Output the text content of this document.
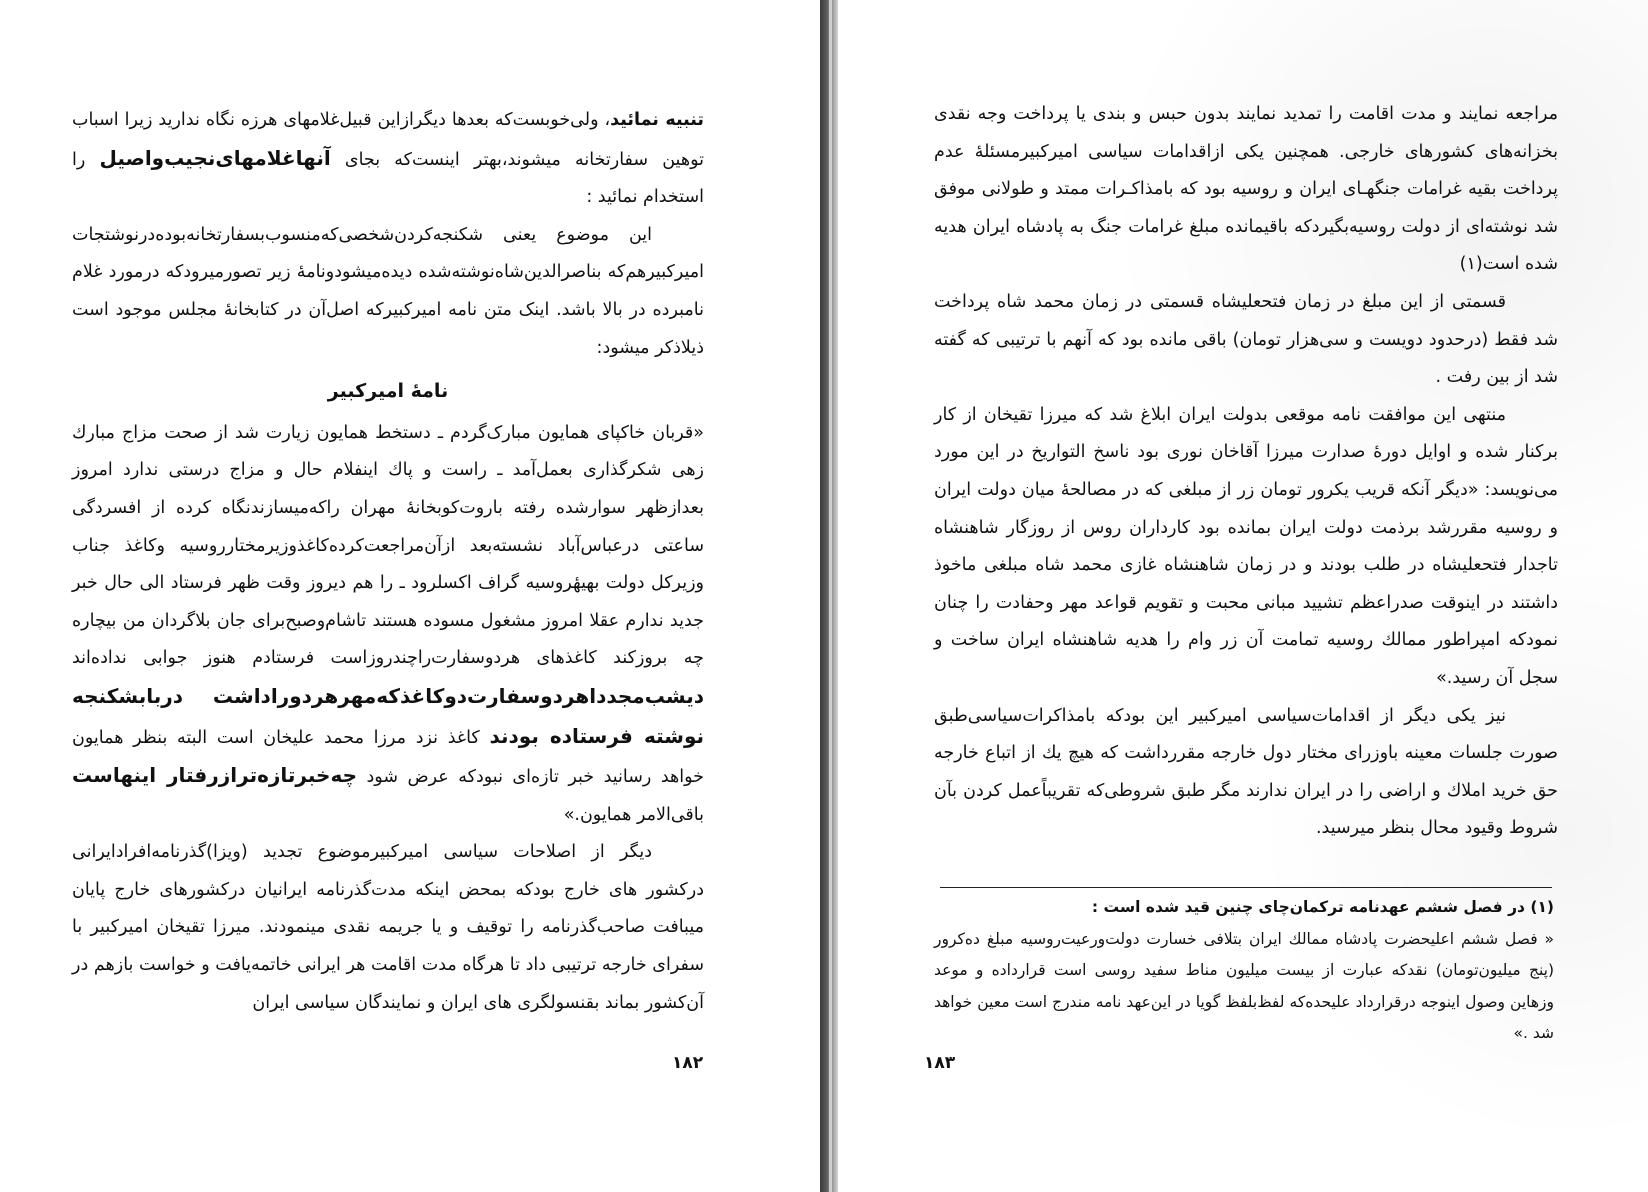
تنبیه نمائید، ولی‌خوبست‌که بعدها دیگرازاین قبیل‌غلامهای هرزه نگاه ندارید زیرا اسباب توهین سفارتخانه میشوند،بهتر اینست‌که بجای آنهاغلامهای‌نجیب‌واصیل را استخدام نمائید :

این موضوع یعنی شکنجه‌کردن‌شخصی‌که‌منسوب‌بسفارتخانه‌بوده‌درنوشتجات امیرکبیرهم‌که بناصرالدین‌شاه‌نوشته‌شده دیده‌میشودونامهٔ زیر تصورمیرودکه درمورد غلام نامبرده در بالا باشد. اینک متن نامه امیرکبیرکه اصل‌آن در کتابخانهٔ مجلس موجود است ذیلاذکر میشود:

نامهٔ امیرکبیر

«قربان خاکپای همایون مبارک‌گردم ـ دستخط همایون زیارت شد از صحت مزاج مبارك زهی شکرگذاری بعمل‌آمد ـ راست و پاك اینفلام حال و مزاج درستی ندارد امروز بعدازظهر سوارشده رفته باروت‌کوبخانهٔ مهران راکه‌میسازندنگاه کرده از افسردگی ساعتی درعباس‌آباد نشسته‌بعد ازآن‌مراجعت‌کرده‌کاغذوزیرمختارروسیه وکاغذ جناب وزیرکل دولت بهیهٔروسیه گراف اکسلرود ـ را هم دیروز وقت ظهر فرستاد الی حال خبر جدید ندارم عقلا امروز مشغول مسوده هستند تاشام‌وصبح‌برای جان بلاگردان من بیچاره چه بروزکند کاغذهای هردوسفارت‌راچندروزاست فرستادم هنوز جوابی نداده‌اند دیشب‌مجدداهردوسفارت‌دوکاغذکه‌مهرهردوراداشت دربابشکنجه نوشته فرستاده بودند کاغذ نزد مرزا محمد علیخان است البته بنظر همایون خواهد رسانید خبر تازه‌ای نبودکه عرض شود چه‌خبرتازه‌ترازرفتار اینهاست باقی‌الامر همایون.»

دیگر از اصلاحات سیاسی امیرکبیرموضوع تجدید (ویزا)گذرنامه‌افرادایرانی درکشور های خارج بودکه بمحض اینکه مدت‌گذرنامه ایرانیان درکشورهای خارج پایان میبافت صاحب‌گذرنامه را توقیف و یا جریمه نقدی مینمودند. میرزا تقیخان امیرکبیر با سفرای خارجه ترتیبی داد تا هرگاه مدت اقامت هر ایرانی خاتمه‌یافت و خواست بازهم در آن‌کشور بماند بقنسولگری های ایران و نمایندگان سیاسی ایران

۱۸۲

مراجعه نمایند و مدت اقامت را تمدید نمایند بدون حبس و بندی یا پرداخت وجه نقدی بخزانه‌های کشورهای خارجی. همچنین یکی ازاقدامات سیاسی امیرکبیرمسئلهٔ عدم پرداخت بقیه غرامات جنگهـای ایران و روسیه بود که بامذاکـرات ممتد و طولانی موفق شد نوشته‌ای از دولت روسیه‌بگیردکه باقیمانده مبلغ غرامات جنگ به پادشاه ایران هدیه شده است(۱)

قسمتی از این مبلغ در زمان فتحعلیشاه قسمتی در زمان محمد شاه پرداخت شد فقط (درحدود دویست و سی‌هزار تومان) باقی مانده بود که آنهم با ترتیبی که گفته شد از بین رفت .

منتهی این موافقت نامه موقعی بدولت ایران ابلاغ شد که میرزا تقیخان از کار برکنار شده و اوایل دورهٔ صدارت میرزا آقاخان نوری بود ناسخ التواریخ در این مورد می‌نویسد: «دیگر آنکه قریب یکرور تومان زر از مبلغی که در مصالحهٔ میان دولت ایران و روسیه مقررشد برذمت دولت ایران بمانده بود کارداران روس از روزگار شاهنشاه تاجدار فتحعلیشاه در طلب بودند و در زمان شاهنشاه غازی محمد شاه مبلغی ماخوذ داشتند در اینوقت صدراعظم تشیید مبانی محبت و تقویم قواعد مهر وحفادت را چنان نمودکه امپراطور ممالك روسیه تمامت آن زر وام را هدیه شاهنشاه ایران ساخت و سجل آن رسید.»

نیز یکی دیگر از اقدامات‌سیاسی امیرکبیر این بودکه بامذاکرات‌سیاسی‌طبق صورت جلسات معینه باوزرای مختار دول خارجه مقررداشت که هیچ یك از اتباع خارجه حق خرید املاك و اراضی را در ایران ندارند مگر طبق شروطی‌که تقریباًعمل کردن بآن شروط وقیود محال بنظر میرسید.

(۱) در فصل ششم عهدنامه ترکمان‌چای چنین قید شده است :

« فصل ششم اعلیحضرت پادشاه ممالك ایران بتلافی خسارت دولت‌ورعیت‌روسیه مبلغ ده‌کرور (پنج میلیون‌تومان) نقدکه عبارت از بیست میلیون مناط سفید روسی است قرارداده و موعد وزهاین وصول اینوجه درقرارداد علیحده‌که لفظ‌بلفظ گویا در این‌عهد نامه مندرج است معین خواهد شد .»

۱۸۳
